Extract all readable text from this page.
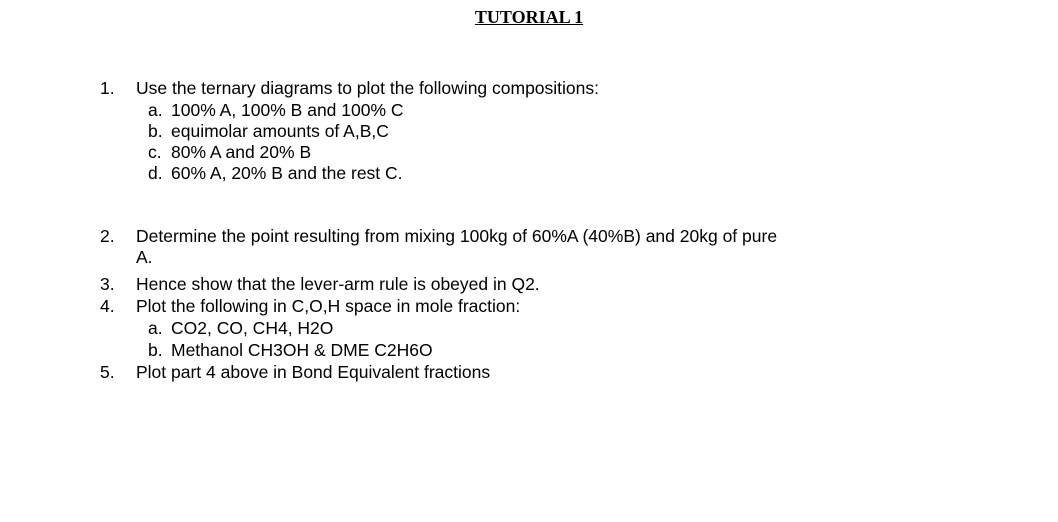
TUTORIAL 1
1. Use the ternary diagrams to plot the following compositions:
a. 100% A, 100% B and 100% C
b. equimolar amounts of A,B,C
c. 80% A and 20% B
d. 60% A, 20% B and the rest C.
2. Determine the point resulting from mixing 100kg of 60%A (40%B) and 20kg of pure
A.
3. Hence show that the lever-arm rule is obeyed in Q2.
4. Plot the following in C,O,H space in mole fraction:
a. CO2, CO, CH4, H2O
b. Methanol CH3OH & DME C2H6O
5. Plot part 4 above in Bond Equivalent fractions
